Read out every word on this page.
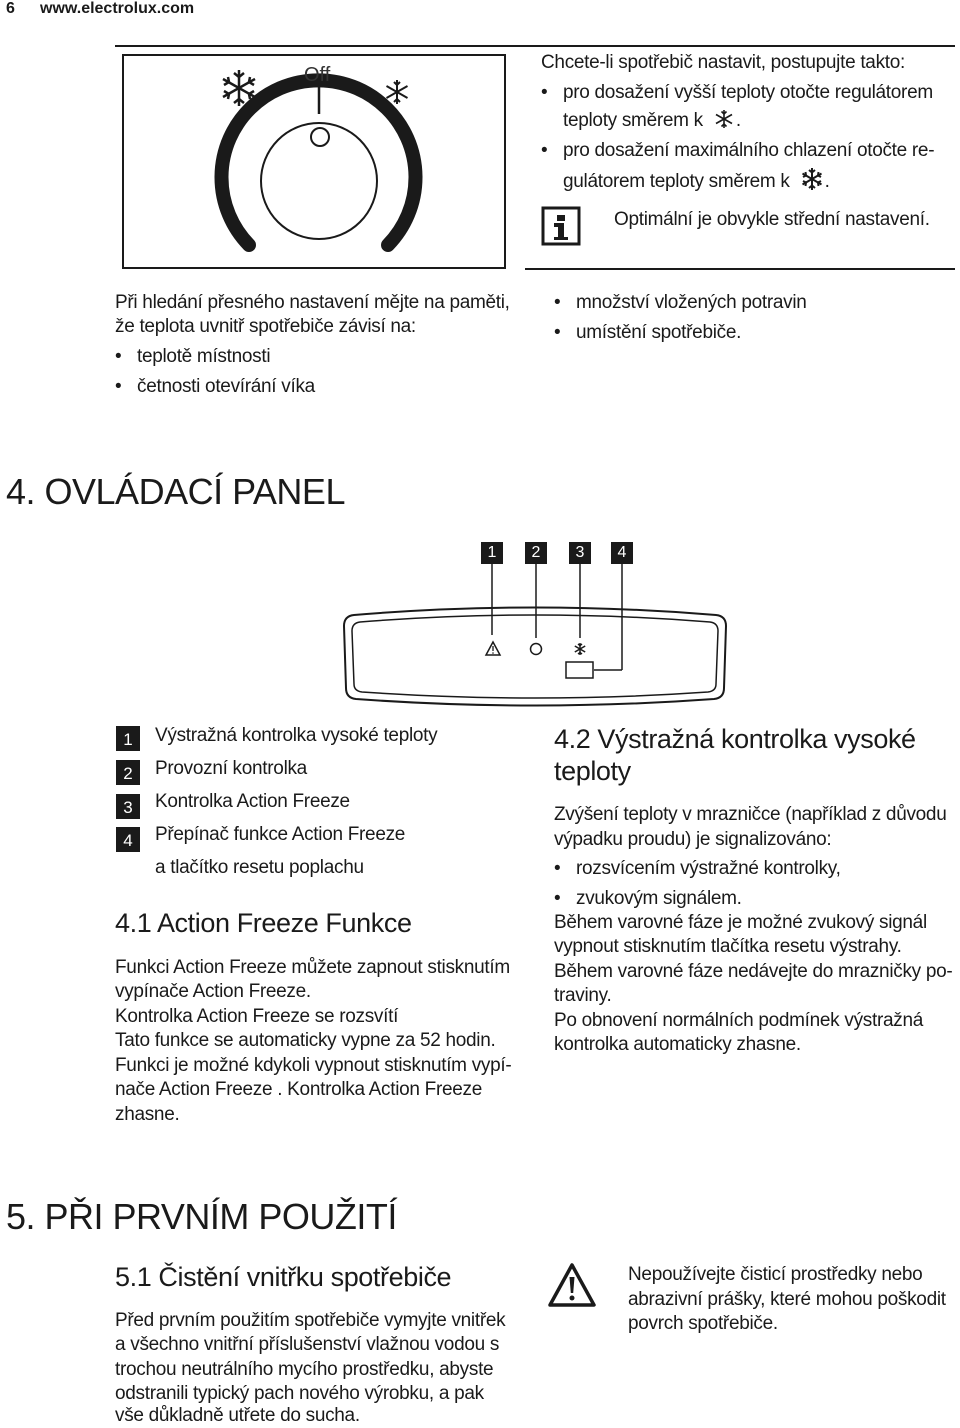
6 www.electrolux.com
Off
Chcete-li spotřebič nastavit, postupujte takto:
• pro dosažení vyšší teploty otočte regulátorem
teploty směrem k .
• pro dosažení maximálního chlazení otočte re-
gulátorem teploty směrem k .
Optimální je obvykle střední nastavení.
Při hledání přesného nastavení mějte na paměti,
že teplota uvnitř spotřebiče závisí na:
• teplotě místnosti
• četnosti otevírání víka
• množství vložených potravin
• umístění spotřebiče.
4. OVLÁDACÍ PANEL
1	2	3	4
1	Výstražná kontrolka vysoké teploty
2	Provozní kontrolka
3	Kontrolka Action Freeze
4	Přepínač funkce Action Freeze
a tlačítko resetu poplachu
4.1 Action Freeze Funkce
Funkci Action Freeze můžete zapnout stisknutím
vypínače Action Freeze.
Kontrolka Action Freeze se rozsvítí
Tato funkce se automaticky vypne za 52 hodin.
Funkci je možné kdykoli vypnout stisknutím vypí-
nače Action Freeze . Kontrolka Action Freeze
zhasne.
4.2 Výstražná kontrolka vysoké
teploty
Zvýšení teploty v mrazničce (například z důvodu
výpadku proudu) je signalizováno:
• rozsvícením výstražné kontrolky,
• zvukovým signálem.
Během varovné fáze je možné zvukový signál
vypnout stisknutím tlačítka resetu výstrahy.
Během varovné fáze nedávejte do mrazničky po-
traviny.
Po obnovení normálních podmínek výstražná
kontrolka automaticky zhasne.
5. PŘI PRVNÍM POUŽITÍ
5.1 Čistění vnitřku spotřebiče
Před prvním použitím spotřebiče vymyjte vnitřek
a všechno vnitřní příslušenství vlažnou vodou s
trochou neutrálního mycího prostředku, abyste
odstranili typický pach nového výrobku, a pak
vše důkladně utřete do sucha.
Nepoužívejte čisticí prostředky nebo
abrazivní prášky, které mohou poškodit
povrch spotřebiče.
